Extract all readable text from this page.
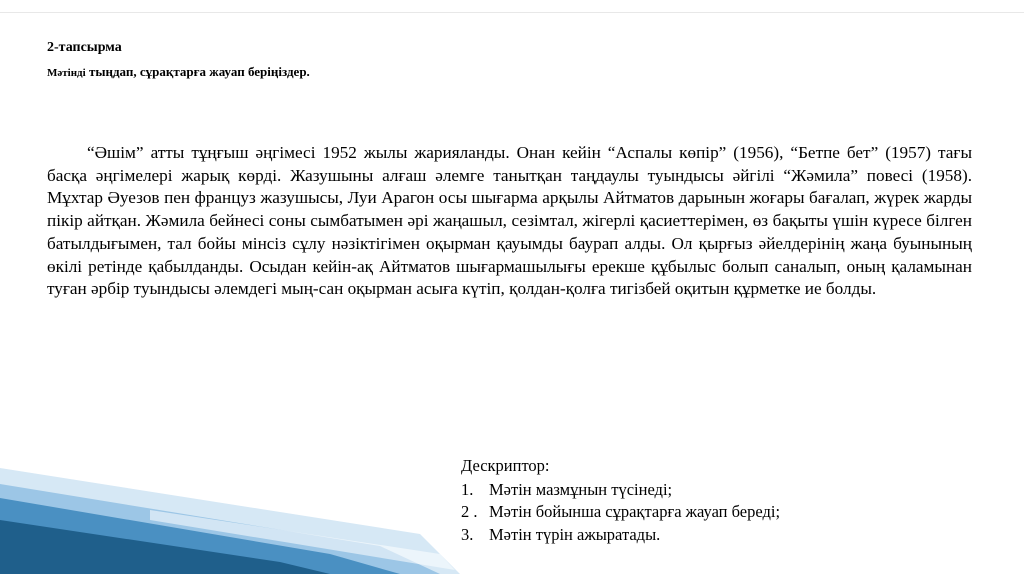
2-тапсырма
Мәтінді тыңдап, сұрақтарға жауап беріңіздер.

“Әшім” атты тұңғыш әңгімесі 1952 жылы жарияланды. Онан кейін “Аспалы көпір” (1956), “Бетпе бет” (1957) тағы басқа әңгімелері жарық көрді. Жазушыны алғаш әлемге танытқан таңдаулы туындысы әйгілі “Жәмила” повесі (1958). Мұхтар Әуезов пен француз жазушысы, Луи Арагон осы шығарма арқылы Айтматов дарынын жоғары бағалап, жүрек жарды пікір айтқан. Жәмила бейнесі соны сымбатымен әрі жаңашыл, сезімтал, жігерлі қасиеттерімен, өз бақыты үшін күресе білген батылдығымен, тал бойы мінсіз сұлу нәзіктігімен оқырман қауымды баурап алды. Ол қырғыз әйелдерінің жаңа буынының өкілі ретінде қабылданды. Осыдан кейін-ақ Айтматов шығармашылығы ерекше құбылыс болып саналып, оның қаламынан туған әрбір туындысы әлемдегі мың-сан оқырман асыға күтіп, қолдан-қолға тигізбей оқитын құрметке ие болды.

Дескриптор:
1. Мәтін мазмұнын түсінеді;
2 . Мәтін бойынша сұрақтарға жауап береді;
3. Мәтін түрін ажыратады.
